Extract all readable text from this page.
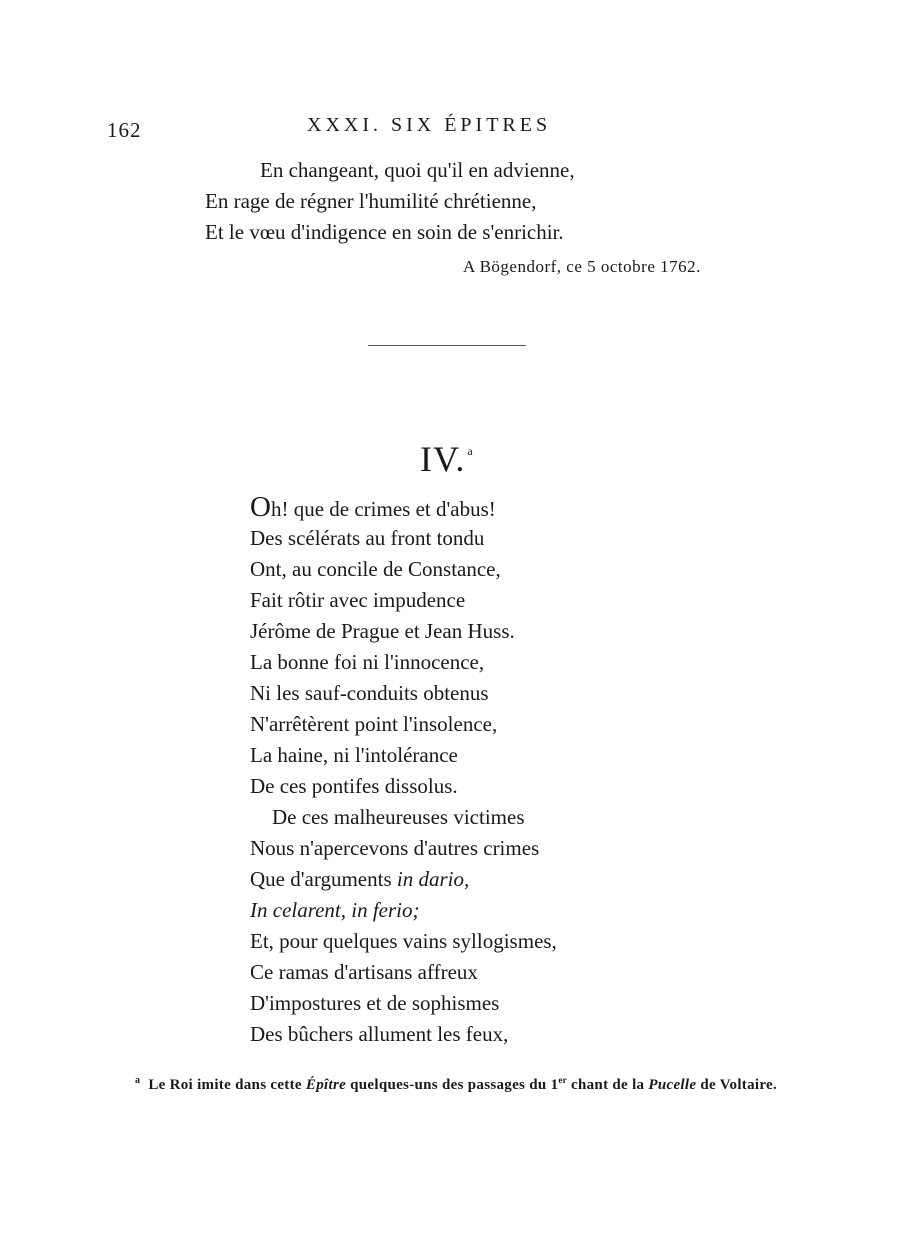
162	XXXI. SIX ÉPITRES
En changeant, quoi qu'il en advienne,
En rage de régner l'humilité chrétienne,
Et le vœu d'indigence en soin de s'enrichir.
A Bögendorf, ce 5 octobre 1762.
IV. $^a$
Oh! que de crimes et d'abus!
Des scélérats au front tondu
Ont, au concile de Constance,
Fait rôtir avec impudence
Jérôme de Prague et Jean Huss.
La bonne foi ni l'innocence,
Ni les sauf-conduits obtenus
N'arrêtèrent point l'insolence,
La haine, ni l'intolérance
De ces pontifes dissolus.
De ces malheureuses victimes
Nous n'apercevons d'autres crimes
Que d'arguments in dario,
In celarent, in ferio;
Et, pour quelques vains syllogismes,
Ce ramas d'artisans affreux
D'impostures et de sophismes
Des bûchers allument les feux,
$^a$ Le Roi imite dans cette Épître quelques-uns des passages du 1er chant de la Pucelle de Voltaire.
